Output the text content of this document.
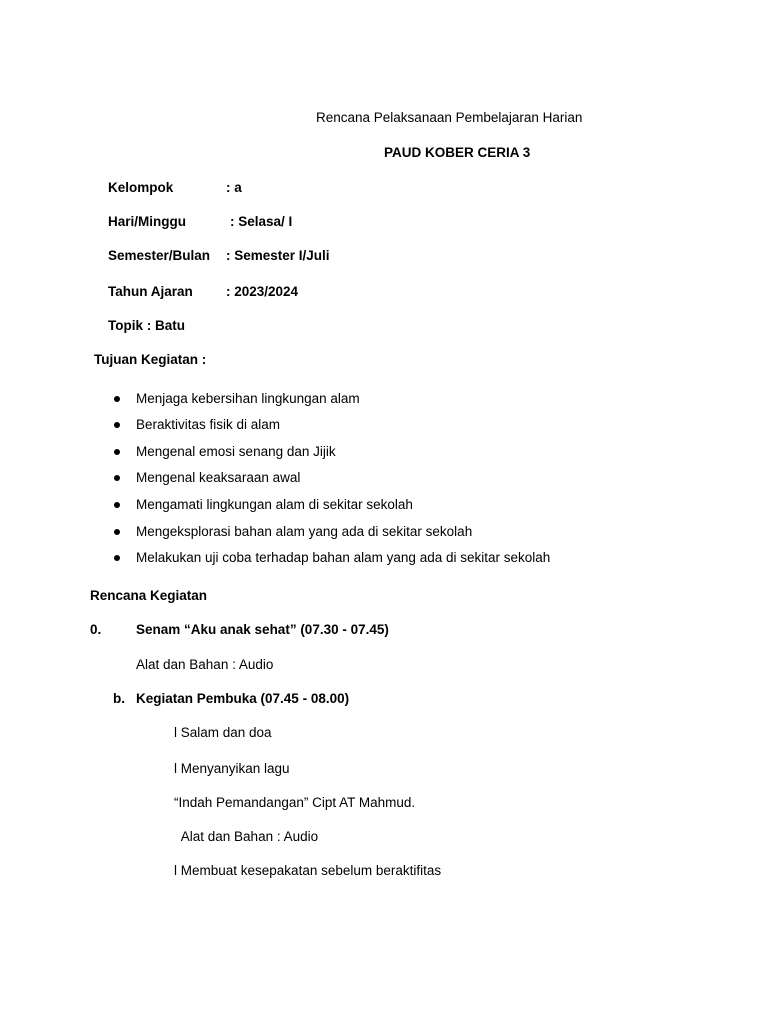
Rencana Pelaksanaan Pembelajaran Harian
PAUD KOBER CERIA 3
Kelompok	: a
Hari/Minggu	: Selasa/ I
Semester/Bulan : Semester I/Juli
Tahun Ajaran : 2023/2024
Topik : Batu
Tujuan Kegiatan :
Menjaga kebersihan lingkungan alam
Beraktivitas fisik di alam
Mengenal emosi senang dan Jijik
Mengenal keaksaraan awal
Mengamati lingkungan alam di sekitar sekolah
Mengeksplorasi bahan alam yang ada di sekitar sekolah
Melakukan uji coba terhadap bahan alam yang ada di sekitar sekolah
Rencana Kegiatan
0.	Senam “Aku anak sehat” (07.30 - 07.45)
Alat dan Bahan : Audio
b. Kegiatan Pembuka (07.45 - 08.00)
l Salam dan doa
l Menyanyikan lagu
“Indah Pemandangan” Cipt AT Mahmud.
Alat dan Bahan : Audio
l Membuat kesepakatan sebelum beraktifitas
